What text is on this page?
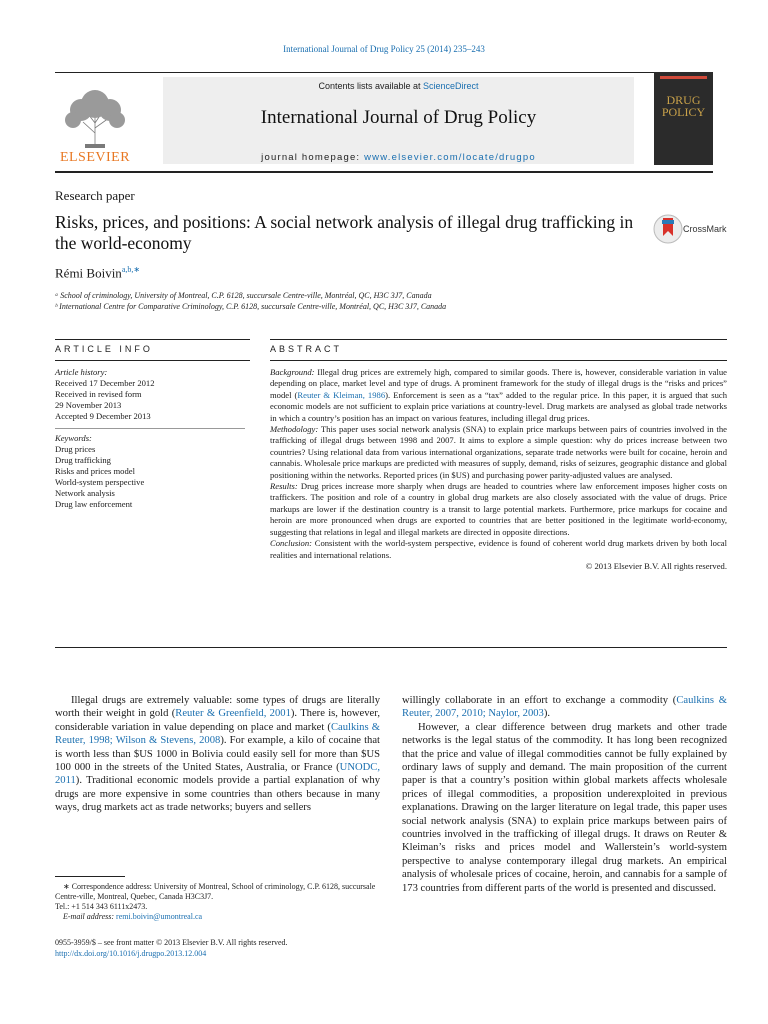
International Journal of Drug Policy 25 (2014) 235–243
ELSEVIER
Contents lists available at ScienceDirect
International Journal of Drug Policy
journal homepage: www.elsevier.com/locate/drugpo
DRUG
POLICY
Research paper
Risks, prices, and positions: A social network analysis of illegal drug trafficking in the world-economy
CrossMark
Rémi Boivin$^{a,b,∗}$
ᵃ School of criminology, University of Montreal, C.P. 6128, succursale Centre-ville, Montréal, QC, H3C 3J7, Canada
ᵇ International Centre for Comparative Criminology, C.P. 6128, succursale Centre-ville, Montréal, QC, H3C 3J7, Canada
ARTICLE INFO	ABSTRACT
Article history:
Received 17 December 2012
Received in revised form
29 November 2013
Accepted 9 December 2013
Keywords:
Drug prices
Drug trafficking
Risks and prices model
World-system perspective
Network analysis
Drug law enforcement

Background: Illegal drug prices are extremely high, compared to similar goods. There is, however, considerable variation in value depending on place, market level and type of drugs. A prominent framework for the study of illegal drugs is the “risks and prices” model (Reuter & Kleiman, 1986). Enforcement is seen as a “tax” added to the regular price. In this paper, it is argued that such economic models are not sufficient to explain price variations at country-level. Drug markets are analysed as global trade networks in which a country’s position has an impact on various features, including illegal drug prices.

Methodology: This paper uses social network analysis (SNA) to explain price markups between pairs of countries involved in the trafficking of illegal drugs between 1998 and 2007. It aims to explore a simple question: why do prices increase between two countries? Using relational data from various international organizations, separate trade networks were built for cocaine, heroin and cannabis. Wholesale price markups are predicted with measures of supply, demand, risks of seizures, geographic distance and global positioning within the networks. Reported prices (in $US) and purchasing power parity-adjusted values are analysed.

Results: Drug prices increase more sharply when drugs are headed to countries where law enforcement imposes higher costs on traffickers. The position and role of a country in global drug markets are also closely associated with the value of drugs. Price markups are lower if the destination country is a transit to large potential markets. Furthermore, price markups for cocaine and heroin are more pronounced when drugs are exported to countries that are better positioned in the legitimate world-economy, suggesting that relations in legal and illegal markets are directed in opposite directions.

Conclusion: Consistent with the world-system perspective, evidence is found of coherent world drug markets driven by both local realities and international relations.

© 2013 Elsevier B.V. All rights reserved.

Illegal drugs are extremely valuable: some types of drugs are literally worth their weight in gold (Reuter & Greenfield, 2001). There is, however, considerable variation in value depending on place and market (Caulkins & Reuter, 1998; Wilson & Stevens, 2008). For example, a kilo of cocaine that is worth less than $US 1000 in Bolivia could easily sell for more than $US 100 000 in the streets of the United States, Australia, or France (UNODC, 2011). Traditional economic models provide a partial explanation of why drugs are more expensive in some countries than others because in many ways, drug markets act as trade networks; buyers and sellers

willingly collaborate in an effort to exchange a commodity (Caulkins & Reuter, 2007, 2010; Naylor, 2003).

However, a clear difference between drug markets and other trade networks is the legal status of the commodity. It has long been recognized that the price and value of illegal commodities cannot be fully explained by ordinary laws of supply and demand. The main proposition of the current paper is that a country’s position within global markets affects wholesale prices of illegal commodities, a proposition underexploited in previous explanations. Drawing on the larger literature on legal trade, this paper uses social network analysis (SNA) to explain price markups between pairs of countries involved in the trafficking of illegal drugs. It draws on Reuter & Kleiman’s risks and prices model and Wallerstein’s world-system perspective to analyse contemporary illegal drug markets. An empirical analysis of wholesale prices of cocaine, heroin, and cannabis for a sample of 173 countries from different parts of the world is presented and discussed.

∗ Correspondence address: University of Montreal, School of criminology, C.P. 6128, succursale Centre-ville, Montreal, Quebec, Canada H3C3J7.
Tel.: +1 514 343 6111x2473.
E-mail address: remi.boivin@umontreal.ca
0955-3959/$ – see front matter © 2013 Elsevier B.V. All rights reserved.
http://dx.doi.org/10.1016/j.drugpo.2013.12.004
